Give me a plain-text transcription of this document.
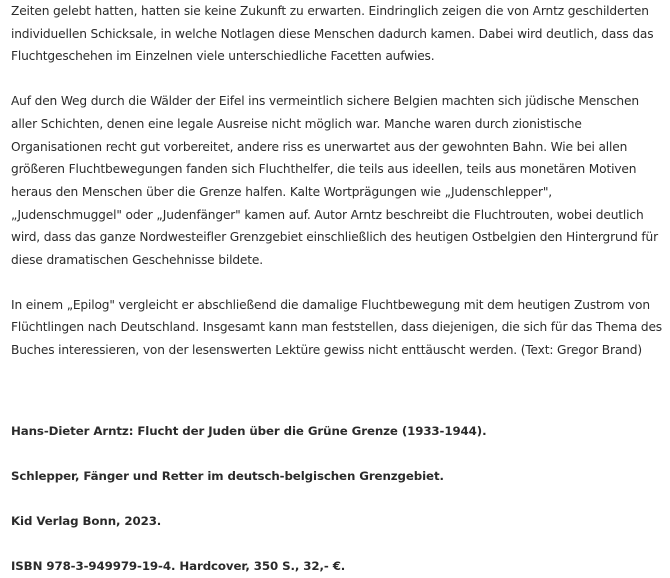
Zeiten gelebt hatten, hatten sie keine Zukunft zu erwarten. Eindringlich zeigen die von Arntz geschilderten individuellen Schicksale, in welche Notlagen diese Menschen dadurch kamen. Dabei wird deutlich, dass das Fluchtgeschehen im Einzelnen viele unterschiedliche Facetten aufwies.

Auf den Weg durch die Wälder der Eifel ins vermeintlich sichere Belgien machten sich jüdische Menschen aller Schichten, denen eine legale Ausreise nicht möglich war. Manche waren durch zionistische Organisationen recht gut vorbereitet, andere riss es unerwartet aus der gewohnten Bahn. Wie bei allen größeren Fluchtbewegungen fanden sich Fluchthelfer, die teils aus ideellen, teils aus monetären Motiven heraus den Menschen über die Grenze halfen. Kalte Wortprägungen wie „Judenschlepper", „Judenschmuggel" oder „Judenfänger" kamen auf. Autor Arntz beschreibt die Fluchtrouten, wobei deutlich wird, dass das ganze Nordwesteifler Grenzgebiet einschließlich des heutigen Ostbelgien den Hintergrund für diese dramatischen Geschehnisse bildete.

In einem „Epilog" vergleicht er abschließend die damalige Fluchtbewegung mit dem heutigen Zustrom von Flüchtlingen nach Deutschland. Insgesamt kann man feststellen, dass diejenigen, die sich für das Thema des Buches interessieren, von der lesenswerten Lektüre gewiss nicht enttäuscht werden. (Text: Gregor Brand)

Hans-Dieter Arntz: Flucht der Juden über die Grüne Grenze (1933-1944).

Schlepper, Fänger und Retter im deutsch-belgischen Grenzgebiet.

Kid Verlag Bonn, 2023.

ISBN 978-3-949979-19-4. Hardcover, 350 S., 32,- €.
